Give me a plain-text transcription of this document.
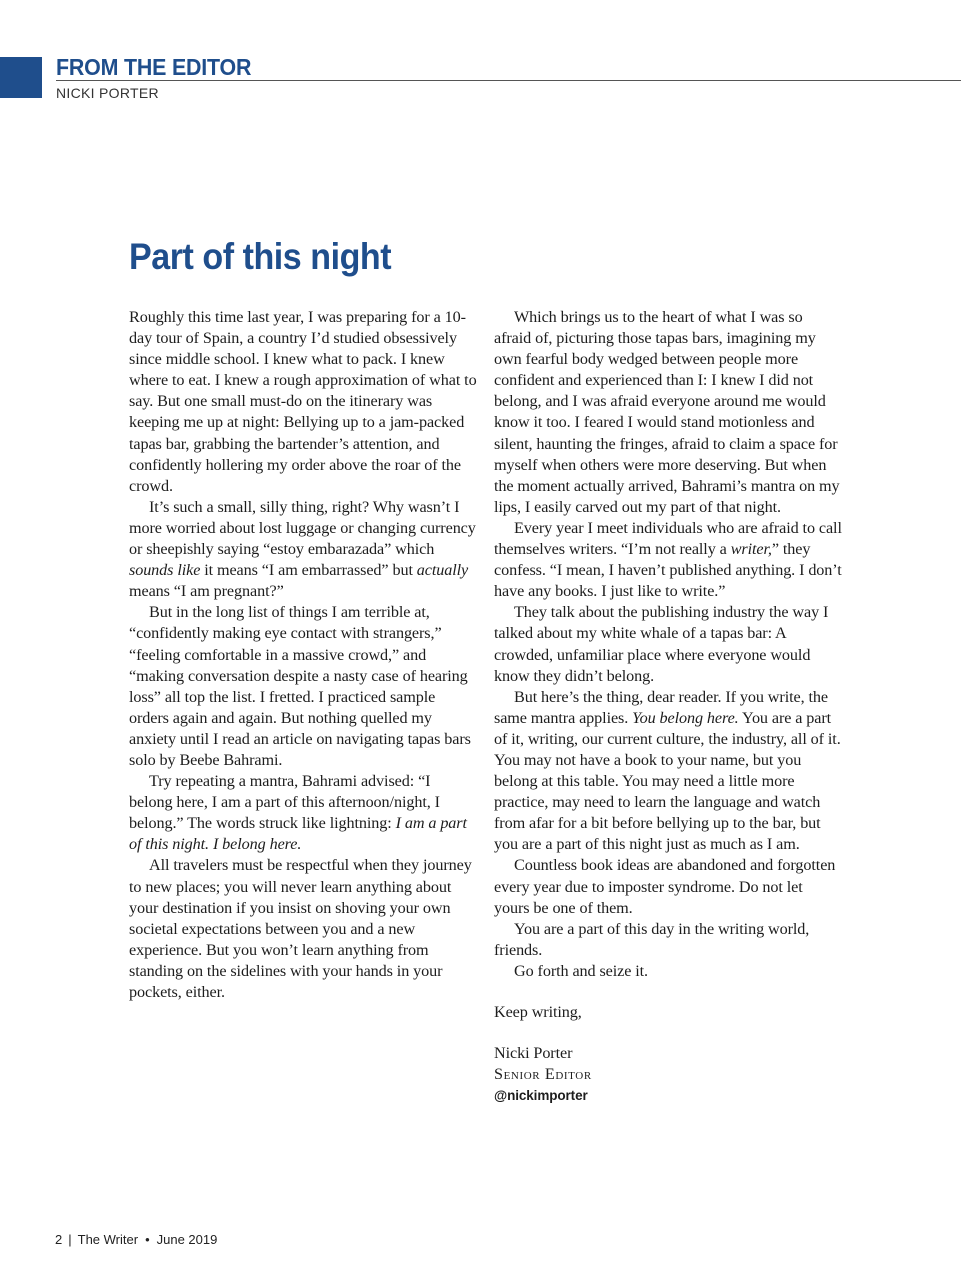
FROM THE EDITOR
NICKI PORTER
Part of this night

Roughly this time last year, I was preparing for a 10-day tour of Spain, a country I’d studied obsessively since middle school. I knew what to pack. I knew where to eat. I knew a rough approximation of what to say. But one small must-do on the itinerary was keeping me up at night: Bellying up to a jam-packed tapas bar, grabbing the bartender’s attention, and confidently hollering my order above the roar of the crowd.

It’s such a small, silly thing, right? Why wasn’t I more worried about lost luggage or changing currency or sheepishly saying “estoy embarazada” which sounds like it means “I am embarrassed” but actually means “I am pregnant?”

But in the long list of things I am terrible at, “confidently making eye contact with strangers,” “feeling comfortable in a massive crowd,” and “making conversation despite a nasty case of hearing loss” all top the list. I fretted. I practiced sample orders again and again. But nothing quelled my anxiety until I read an article on navigating tapas bars solo by Beebe Bahrami.

Try repeating a mantra, Bahrami advised: “I belong here, I am a part of this afternoon/night, I belong.” The words struck like lightning: I am a part of this night. I belong here.

All travelers must be respectful when they journey to new places; you will never learn anything about your destination if you insist on shoving your own societal expectations between you and a new experience. But you won’t learn anything from standing on the sidelines with your hands in your pockets, either.

Which brings us to the heart of what I was so afraid of, picturing those tapas bars, imagining my own fearful body wedged between people more confident and experienced than I: I knew I did not belong, and I was afraid everyone around me would know it too. I feared I would stand motionless and silent, haunting the fringes, afraid to claim a space for myself when others were more deserving. But when the moment actually arrived, Bahrami’s mantra on my lips, I easily carved out my part of that night.

Every year I meet individuals who are afraid to call themselves writers. “I’m not really a writer,” they confess. “I mean, I haven’t published anything. I don’t have any books. I just like to write.”

They talk about the publishing industry the way I talked about my white whale of a tapas bar: A crowded, unfamiliar place where everyone would know they didn’t belong.

But here’s the thing, dear reader. If you write, the same mantra applies. You belong here. You are a part of it, writing, our current culture, the industry, all of it. You may not have a book to your name, but you belong at this table. You may need a little more practice, may need to learn the language and watch from afar for a bit before bellying up to the bar, but you are a part of this night just as much as I am.

Countless book ideas are abandoned and forgotten every year due to imposter syndrome. Do not let yours be one of them.

You are a part of this day in the writing world, friends.

Go forth and seize it.

Keep writing,

Nicki Porter
Senior Editor
@nickimporter
2 | The Writer • June 2019
